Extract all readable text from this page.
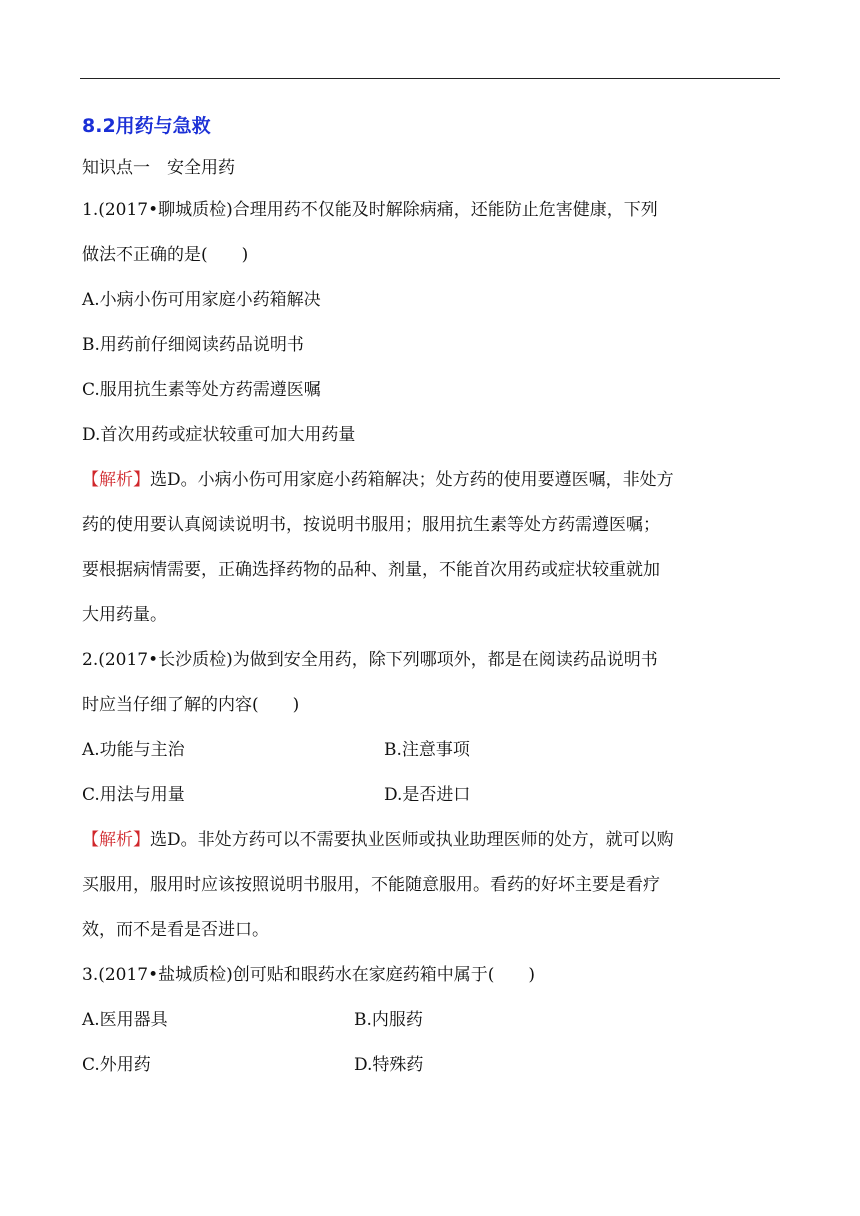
8.2用药与急救
知识点一　安全用药
1.(2017•聊城质检)合理用药不仅能及时解除病痛，还能防止危害健康，下列
做法不正确的是(　　)
A.小病小伤可用家庭小药箱解决
B.用药前仔细阅读药品说明书
C.服用抗生素等处方药需遵医嘱
D.首次用药或症状较重可加大用药量
【解析】选D。小病小伤可用家庭小药箱解决；处方药的使用要遵医嘱，非处方
药的使用要认真阅读说明书，按说明书服用；服用抗生素等处方药需遵医嘱；
要根据病情需要，正确选择药物的品种、剂量，不能首次用药或症状较重就加
大用药量。
2.(2017•长沙质检)为做到安全用药，除下列哪项外，都是在阅读药品说明书
时应当仔细了解的内容(　　)
A.功能与主治	B.注意事项
C.用法与用量	D.是否进口
【解析】选D。非处方药可以不需要执业医师或执业助理医师的处方，就可以购
买服用，服用时应该按照说明书服用，不能随意服用。看药的好坏主要是看疗
效，而不是看是否进口。
3.(2017•盐城质检)创可贴和眼药水在家庭药箱中属于(　　)
A.医用器具	B.内服药
C.外用药	D.特殊药
